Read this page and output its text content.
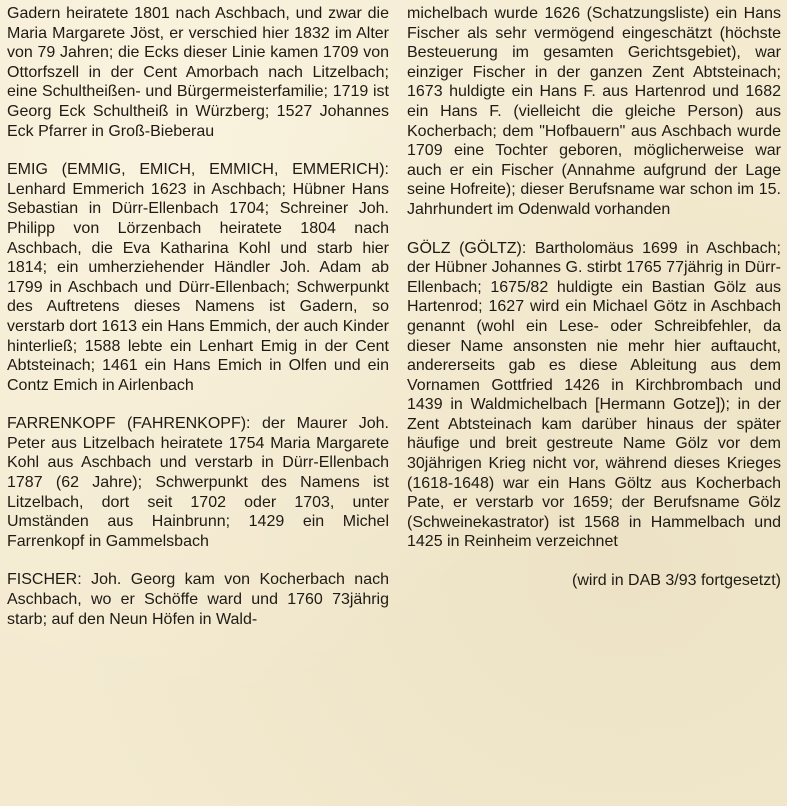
Gadern heiratete 1801 nach Aschbach, und zwar die Maria Margarete Jöst, er verschied hier 1832 im Alter von 79 Jahren; die Ecks dieser Linie kamen 1709 von Ottorfszell in der Cent Amorbach nach Litzelbach; eine Schultheißen- und Bürgermeisterfamilie; 1719 ist Georg Eck Schultheiß in Würzberg; 1527 Johannes Eck Pfarrer in Groß-Bieberau

EMIG (EMMIG, EMICH, EMMICH, EMMERICH): Lenhard Emmerich 1623 in Aschbach; Hübner Hans Sebastian in Dürr-Ellenbach 1704; Schreiner Joh. Philipp von Lörzenbach heiratete 1804 nach Aschbach, die Eva Katharina Kohl und starb hier 1814; ein umherziehender Händler Joh. Adam ab 1799 in Aschbach und Dürr-Ellenbach; Schwerpunkt des Auftretens dieses Namens ist Gadern, so verstarb dort 1613 ein Hans Emmich, der auch Kinder hinterließ; 1588 lebte ein Lenhart Emig in der Cent Abtsteinach; 1461 ein Hans Emich in Olfen und ein Contz Emich in Airlenbach

FARRENKOPF (FAHRENKOPF): der Maurer Joh. Peter aus Litzelbach heiratete 1754 Maria Margarete Kohl aus Aschbach und verstarb in Dürr-Ellenbach 1787 (62 Jahre); Schwerpunkt des Namens ist Litzelbach, dort seit 1702 oder 1703, unter Umständen aus Hainbrunn; 1429 ein Michel Farrenkopf in Gammelsbach

FISCHER: Joh. Georg kam von Kocherbach nach Aschbach, wo er Schöffe ward und 1760 73jährig starb; auf den Neun Höfen in Wald-

michelbach wurde 1626 (Schatzungsliste) ein Hans Fischer als sehr vermögend eingeschätzt (höchste Besteuerung im gesamten Gerichtsgebiet), war einziger Fischer in der ganzen Zent Abtsteinach; 1673 huldigte ein Hans F. aus Hartenrod und 1682 ein Hans F. (vielleicht die gleiche Person) aus Kocherbach; dem "Hofbauern" aus Aschbach wurde 1709 eine Tochter geboren, möglicherweise war auch er ein Fischer (Annahme aufgrund der Lage seine Hofreite); dieser Berufsname war schon im 15. Jahrhundert im Odenwald vorhanden

GÖLZ (GÖLTZ): Bartholomäus 1699 in Aschbach; der Hübner Johannes G. stirbt 1765 77jährig in Dürr-Ellenbach; 1675/82 huldigte ein Bastian Gölz aus Hartenrod; 1627 wird ein Michael Götz in Aschbach genannt (wohl ein Lese- oder Schreibfehler, da dieser Name ansonsten nie mehr hier auftaucht, andererseits gab es diese Ableitung aus dem Vornamen Gottfried 1426 in Kirchbrombach und 1439 in Waldmichelbach [Hermann Gotze]); in der Zent Abtsteinach kam darüber hinaus der später häufige und breit gestreute Name Gölz vor dem 30jährigen Krieg nicht vor, während dieses Krieges (1618-1648) war ein Hans Göltz aus Kocherbach Pate, er verstarb vor 1659; der Berufsname Gölz (Schweinekastrator) ist 1568 in Hammelbach und 1425 in Reinheim verzeichnet

(wird in DAB 3/93 fortgesetzt)
